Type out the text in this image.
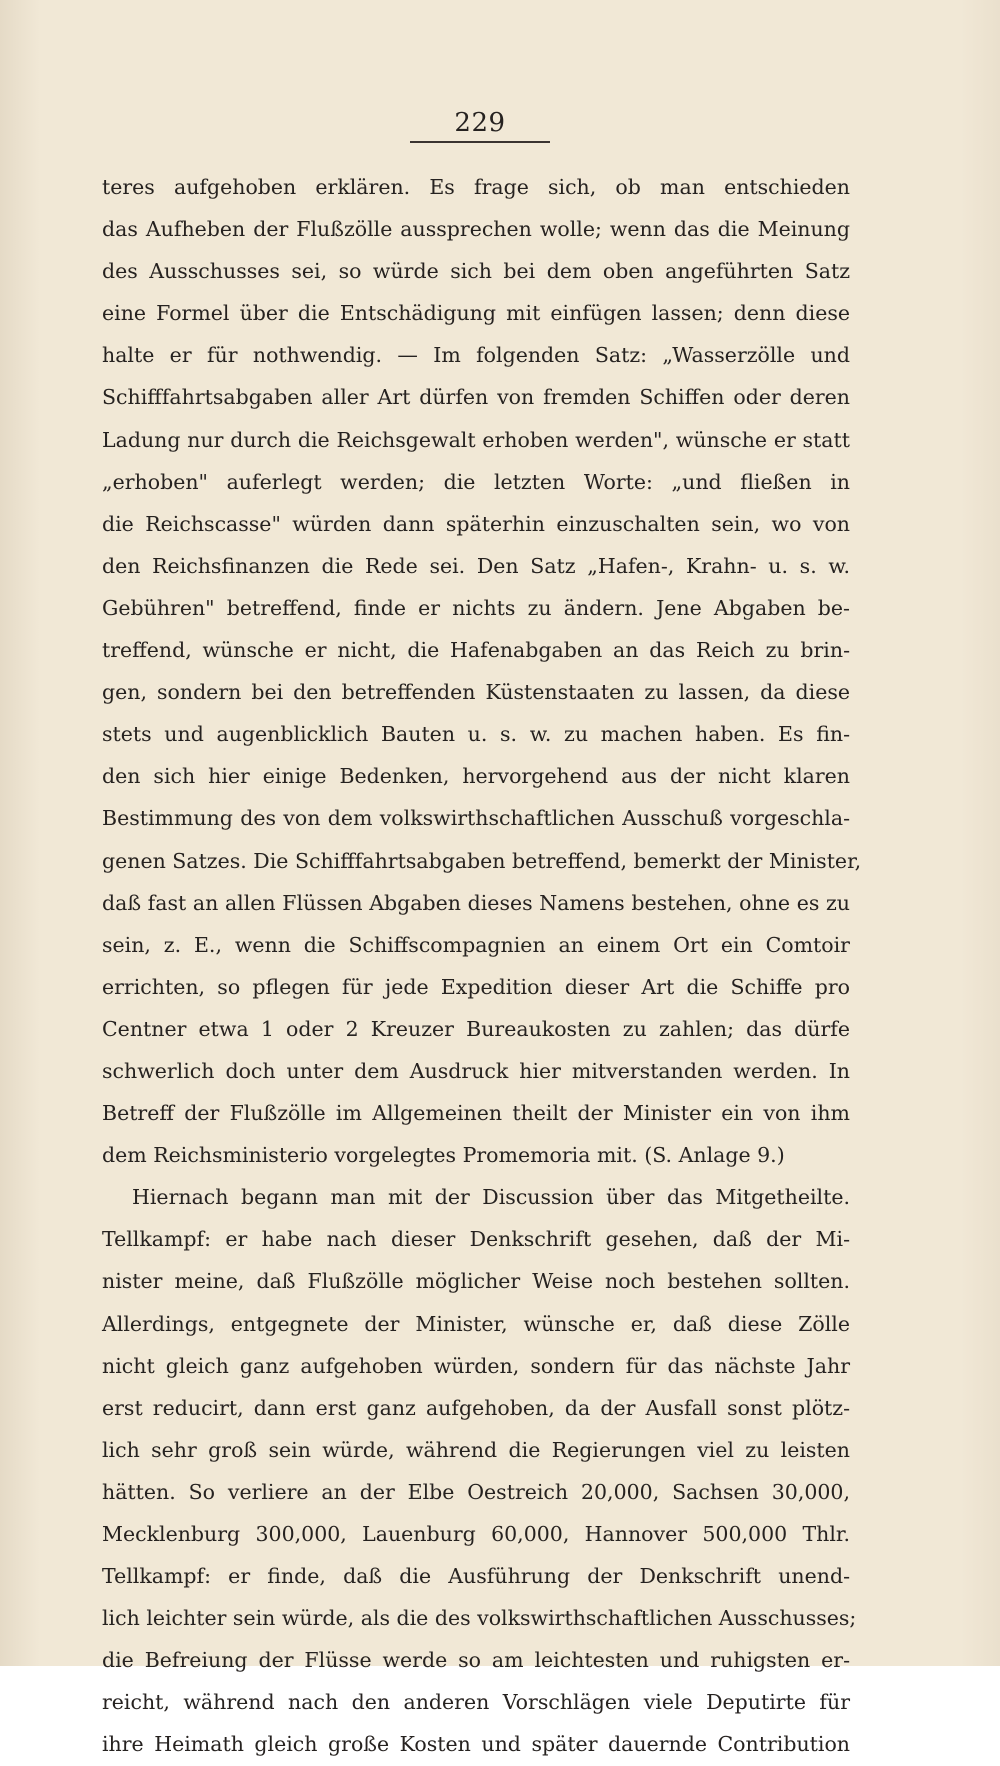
229
teres aufgehoben erklären. Es frage sich, ob man entschieden
das Aufheben der Flußzölle aussprechen wolle; wenn das die Meinung
des Ausschusses sei, so würde sich bei dem oben angeführten Satz
eine Formel über die Entschädigung mit einfügen lassen; denn diese
halte er für nothwendig. — Im folgenden Satz: „Wasserzölle und
Schifffahrtsabgaben aller Art dürfen von fremden Schiffen oder deren
Ladung nur durch die Reichsgewalt erhoben werden", wünsche er statt
„erhoben" auferlegt werden; die letzten Worte: „und fließen in
die Reichscasse" würden dann späterhin einzuschalten sein, wo von
den Reichsfinanzen die Rede sei. Den Satz „Hafen-, Krahn- u. s. w.
Gebühren" betreffend, finde er nichts zu ändern. Jene Abgaben be-
treffend, wünsche er nicht, die Hafenabgaben an das Reich zu brin-
gen, sondern bei den betreffenden Küstenstaaten zu lassen, da diese
stets und augenblicklich Bauten u. s. w. zu machen haben. Es fin-
den sich hier einige Bedenken, hervorgehend aus der nicht klaren
Bestimmung des von dem volkswirthschaftlichen Ausschuß vorgeschla-
genen Satzes. Die Schifffahrtsabgaben betreffend, bemerkt der Minister,
daß fast an allen Flüssen Abgaben dieses Namens bestehen, ohne es zu
sein, z. E., wenn die Schiffscompagnien an einem Ort ein Comtoir
errichten, so pflegen für jede Expedition dieser Art die Schiffe pro
Centner etwa 1 oder 2 Kreuzer Bureaukosten zu zahlen; das dürfe
schwerlich doch unter dem Ausdruck hier mitverstanden werden. In
Betreff der Flußzölle im Allgemeinen theilt der Minister ein von ihm
dem Reichsministerio vorgelegtes Promemoria mit. (S. Anlage 9.)
Hiernach begann man mit der Discussion über das Mitgetheilte.
Tellkampf: er habe nach dieser Denkschrift gesehen, daß der Mi-
nister meine, daß Flußzölle möglicher Weise noch bestehen sollten.
Allerdings, entgegnete der Minister, wünsche er, daß diese Zölle
nicht gleich ganz aufgehoben würden, sondern für das nächste Jahr
erst reducirt, dann erst ganz aufgehoben, da der Ausfall sonst plötz-
lich sehr groß sein würde, während die Regierungen viel zu leisten
hätten. So verliere an der Elbe Oestreich 20,000, Sachsen 30,000,
Mecklenburg 300,000, Lauenburg 60,000, Hannover 500,000 Thlr.
Tellkampf: er finde, daß die Ausführung der Denkschrift unend-
lich leichter sein würde, als die des volkswirthschaftlichen Ausschusses;
die Befreiung der Flüsse werde so am leichtesten und ruhigsten er-
reicht, während nach den anderen Vorschlägen viele Deputirte für
ihre Heimath gleich große Kosten und später dauernde Contribution
